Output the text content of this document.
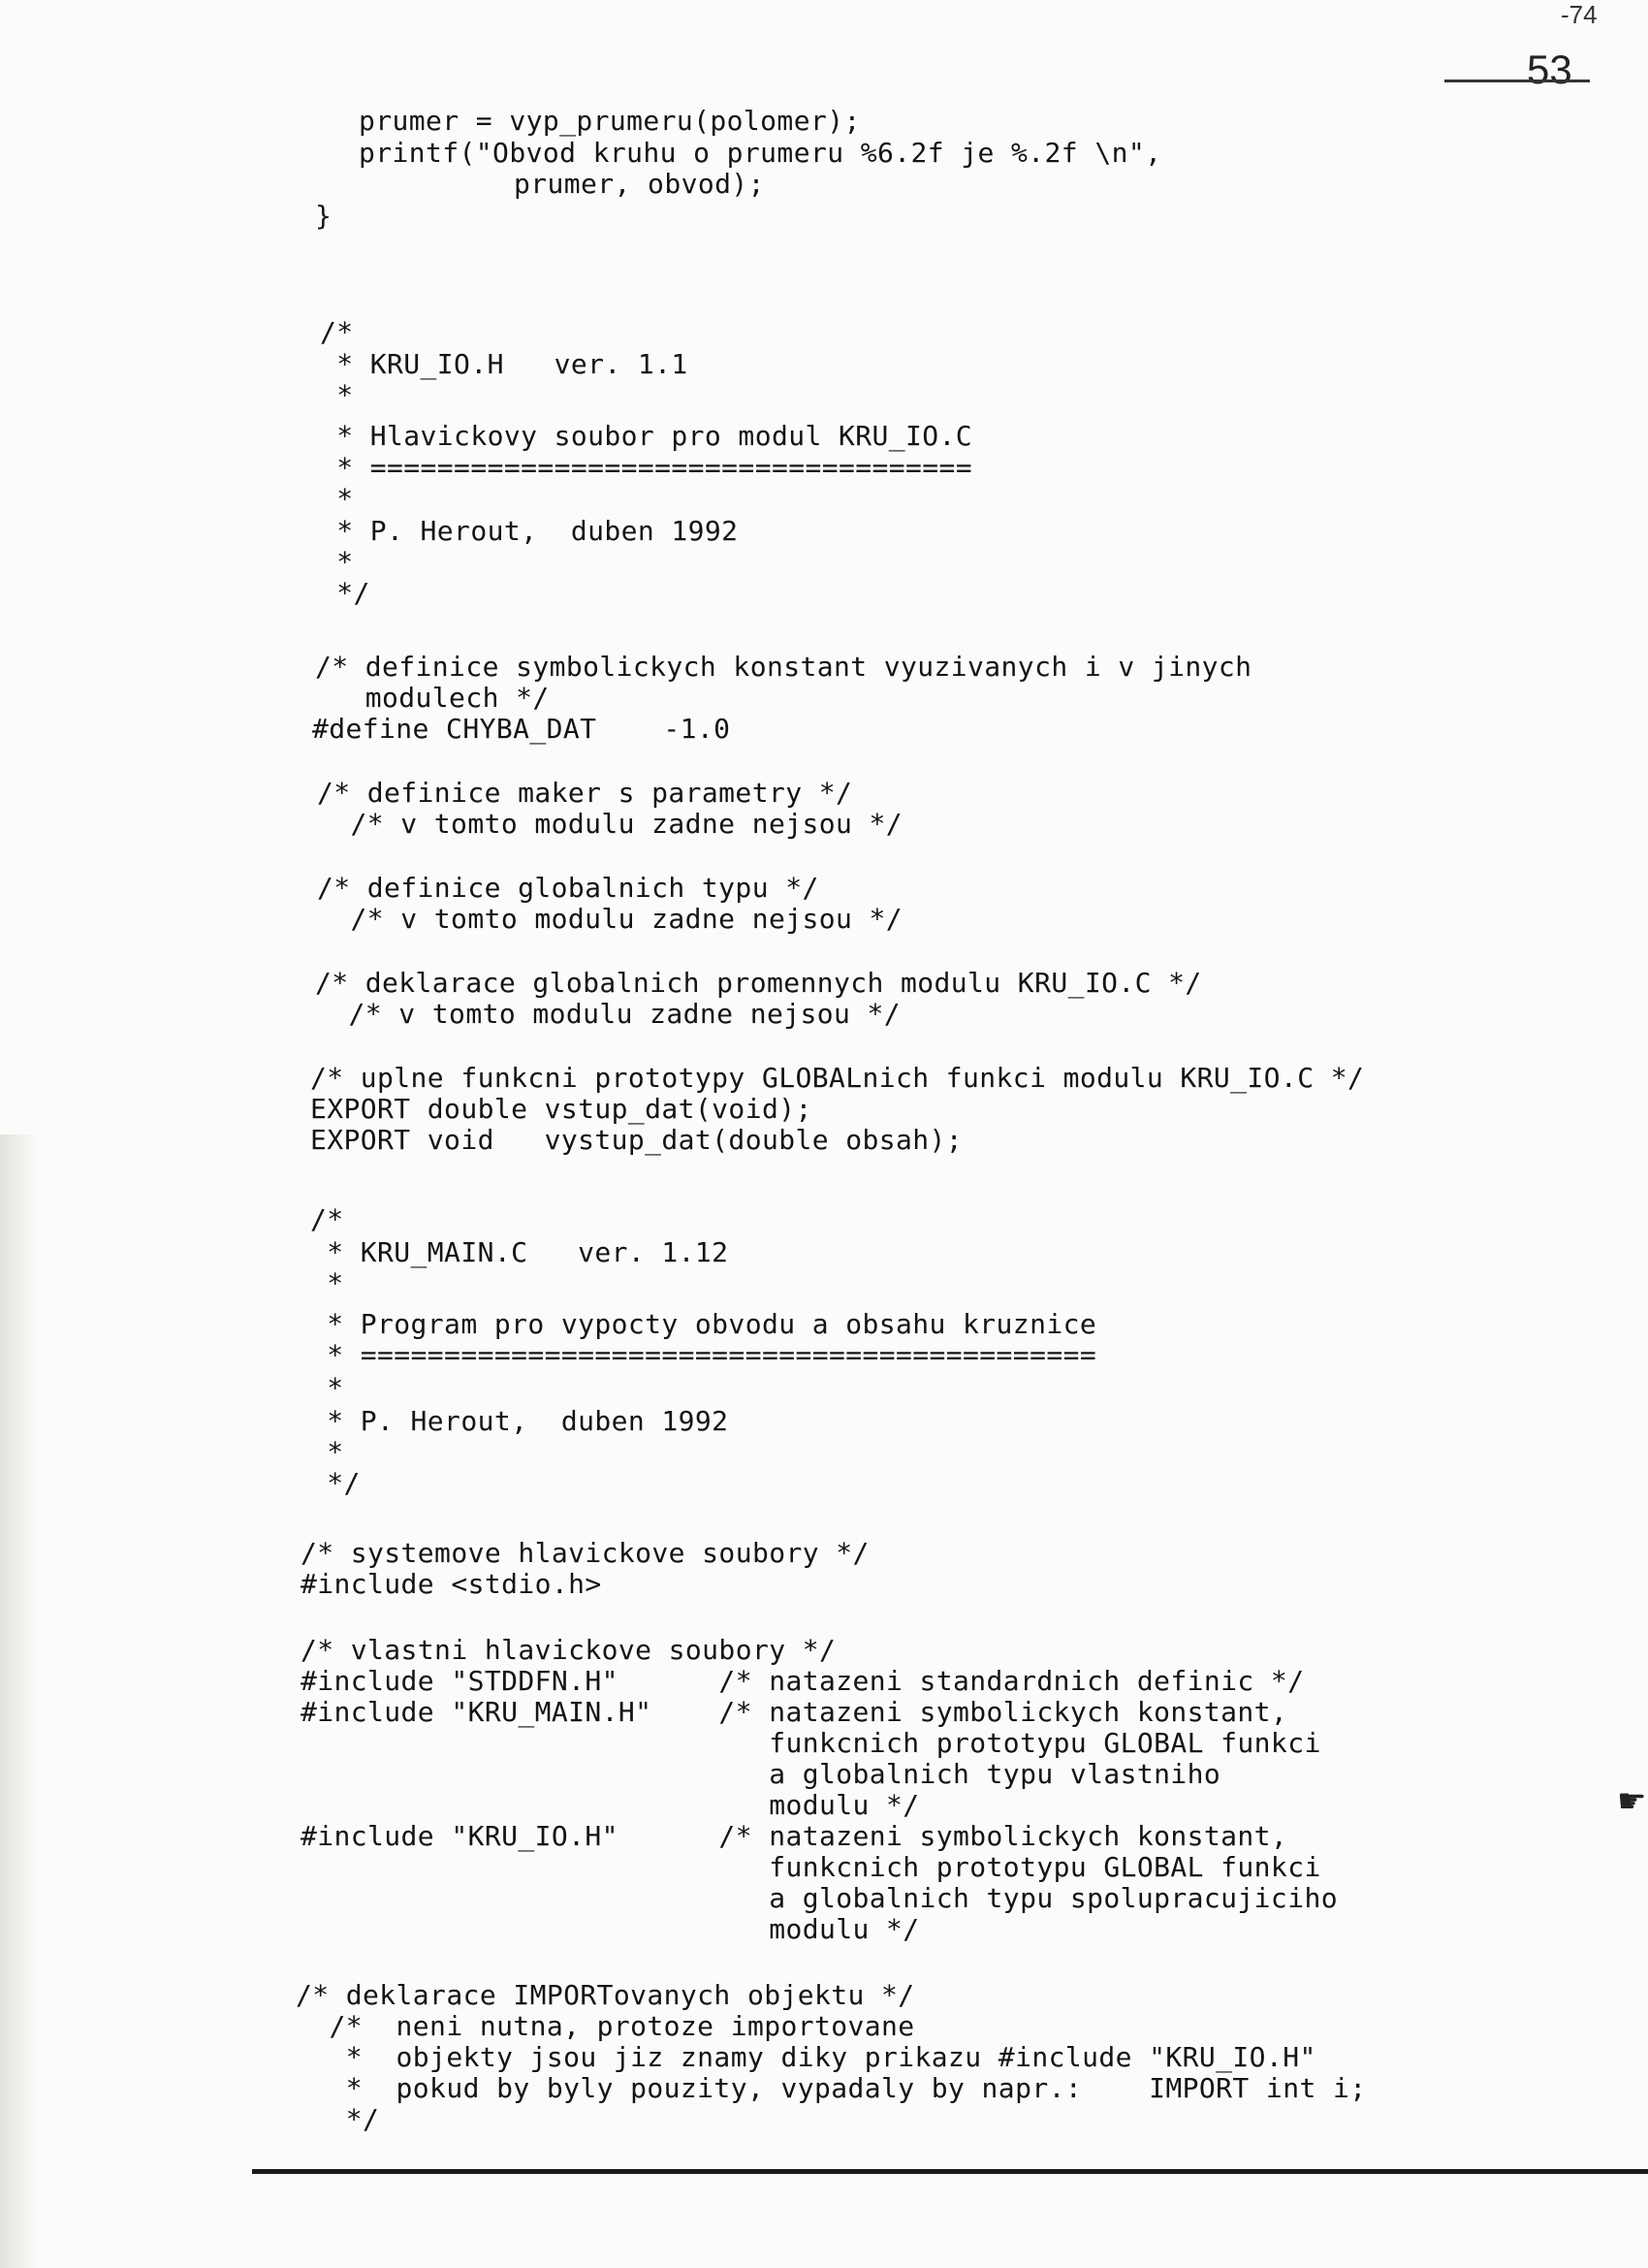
-74
53
prumer = vyp_prumeru(polomer);
printf("Obvod kruhu o prumeru %6.2f je %.2f \n",
prumer, obvod);
}
/*
* KRU_IO.H   ver. 1.1
*
* Hlavickovy soubor pro modul KRU_IO.C
* ====================================
*
* P. Herout,  duben 1992
*
*/
/* definice symbolickych konstant vyuzivanych i v jinych
modulech */
#define CHYBA_DAT    -1.0
/* definice maker s parametry */
/* v tomto modulu zadne nejsou */
/* definice globalnich typu */
/* v tomto modulu zadne nejsou */
/* deklarace globalnich promennych modulu KRU_IO.C */
/* v tomto modulu zadne nejsou */
/* uplne funkcni prototypy GLOBALnich funkci modulu KRU_IO.C */
EXPORT double vstup_dat(void);
EXPORT void   vystup_dat(double obsah);
/*
* KRU_MAIN.C   ver. 1.12
*
* Program pro vypocty obvodu a obsahu kruznice
* ============================================
*
* P. Herout,  duben 1992
*
*/
/* systemove hlavickove soubory */
#include <stdio.h>
/* vlastni hlavickove soubory */
#include "STDDFN.H"      /* natazeni standardnich definic */
#include "KRU_MAIN.H"    /* natazeni symbolickych konstant,
funkcnich prototypu GLOBAL funkci
a globalnich typu vlastniho
modulu */
#include "KRU_IO.H"      /* natazeni symbolickych konstant,
funkcnich prototypu GLOBAL funkci
a globalnich typu spolupracujiciho
modulu */
/* deklarace IMPORTovanych objektu */
/*  neni nutna, protoze importovane
*  objekty jsou jiz znamy diky prikazu #include "KRU_IO.H"
*  pokud by byly pouzity, vypadaly by napr.:    IMPORT int i;
*/
☛
